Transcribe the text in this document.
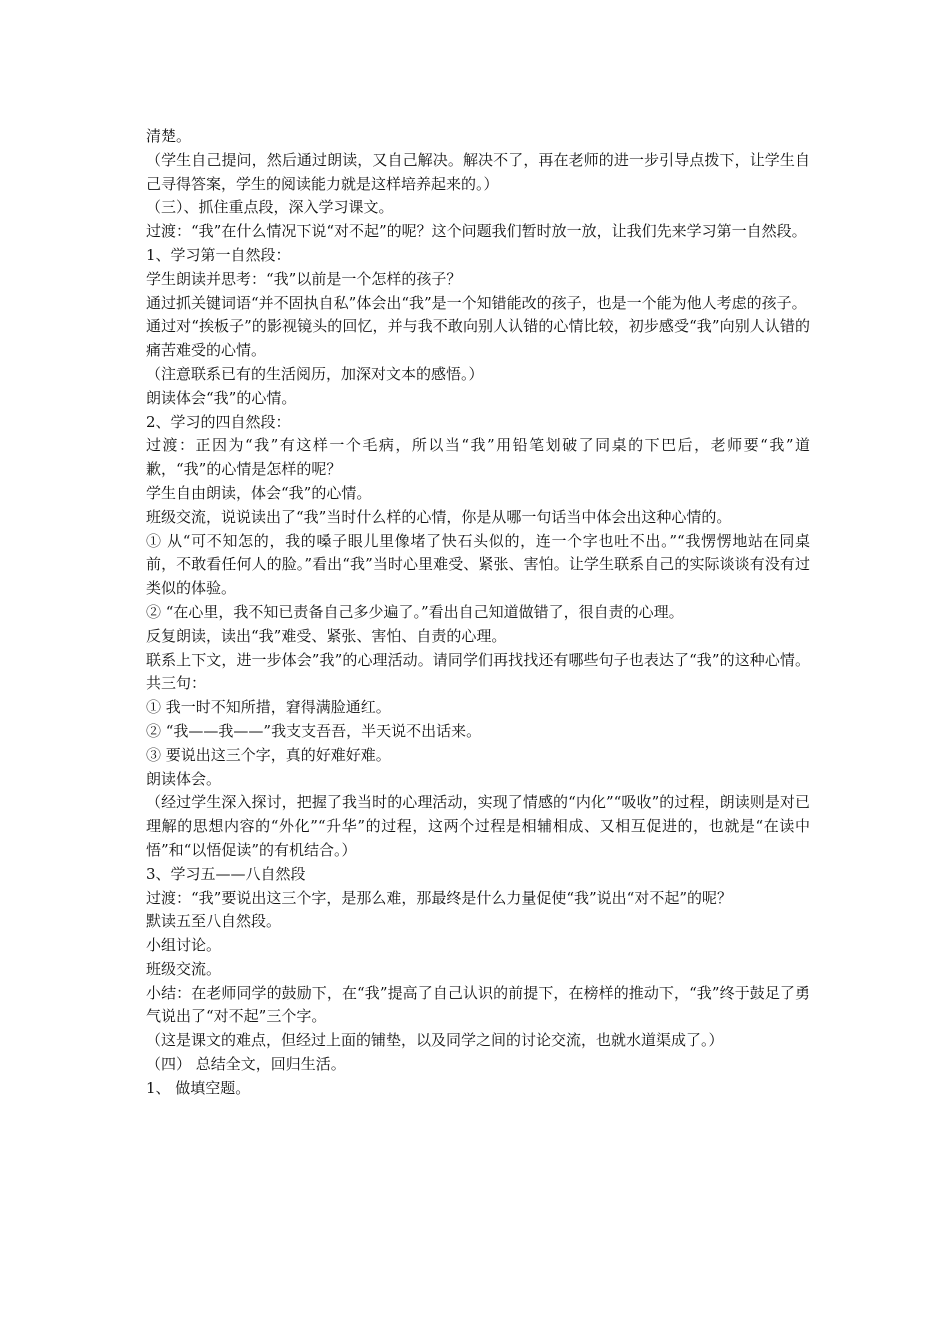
清楚。

（学生自己提问，然后通过朗读，又自己解决。解决不了，再在老师的进一步引导点拨下，让学生自己寻得答案，学生的阅读能力就是这样培养起来的。）

（三）、抓住重点段，深入学习课文。

过渡：“我”在什么情况下说“对不起”的呢？这个问题我们暂时放一放，让我们先来学习第一自然段。

1、学习第一自然段：

学生朗读并思考：“我”以前是一个怎样的孩子？

通过抓关键词语“并不固执自私”体会出“我”是一个知错能改的孩子，也是一个能为他人考虑的孩子。

通过对“挨板子”的影视镜头的回忆，并与我不敢向别人认错的心情比较，初步感受“我”向别人认错的痛苦难受的心情。

（注意联系已有的生活阅历，加深对文本的感悟。）

朗读体会“我”的心情。

2、学习的四自然段：

过渡：正因为“我”有这样一个毛病，所以当“我”用铅笔划破了同桌的下巴后，老师要“我”道歉，“我”的心情是怎样的呢？

学生自由朗读，体会“我”的心情。

班级交流，说说读出了“我”当时什么样的心情，你是从哪一句话当中体会出这种心情的。

① 从“可不知怎的，我的嗓子眼儿里像堵了快石头似的，连一个字也吐不出。”“我愣愣地站在同桌前，不敢看任何人的脸。”看出“我”当时心里难受、紧张、害怕。让学生联系自己的实际谈谈有没有过类似的体验。

② “在心里，我不知已责备自己多少遍了。”看出自己知道做错了，很自责的心理。

反复朗读，读出“我”难受、紧张、害怕、自责的心理。

联系上下文，进一步体会”我”的心理活动。请同学们再找找还有哪些句子也表达了“我”的这种心情。共三句：

① 我一时不知所措，窘得满脸通红。

② “我——我——”我支支吾吾，半天说不出话来。

③ 要说出这三个字，真的好难好难。

朗读体会。

（经过学生深入探讨，把握了我当时的心理活动，实现了情感的“内化”“吸收”的过程，朗读则是对已理解的思想内容的“外化”“升华”的过程，这两个过程是相辅相成、又相互促进的，也就是“在读中悟”和“以悟促读”的有机结合。）

3、学习五——八自然段

过渡：“我”要说出这三个字，是那么难，那最终是什么力量促使“我”说出“对不起”的呢？

默读五至八自然段。

小组讨论。

班级交流。

小结：在老师同学的鼓励下，在“我”提高了自己认识的前提下，在榜样的推动下，“我”终于鼓足了勇气说出了“对不起”三个字。

（这是课文的难点，但经过上面的铺垫，以及同学之间的讨论交流，也就水道渠成了。）

（四） 总结全文，回归生活。

1、 做填空题。
